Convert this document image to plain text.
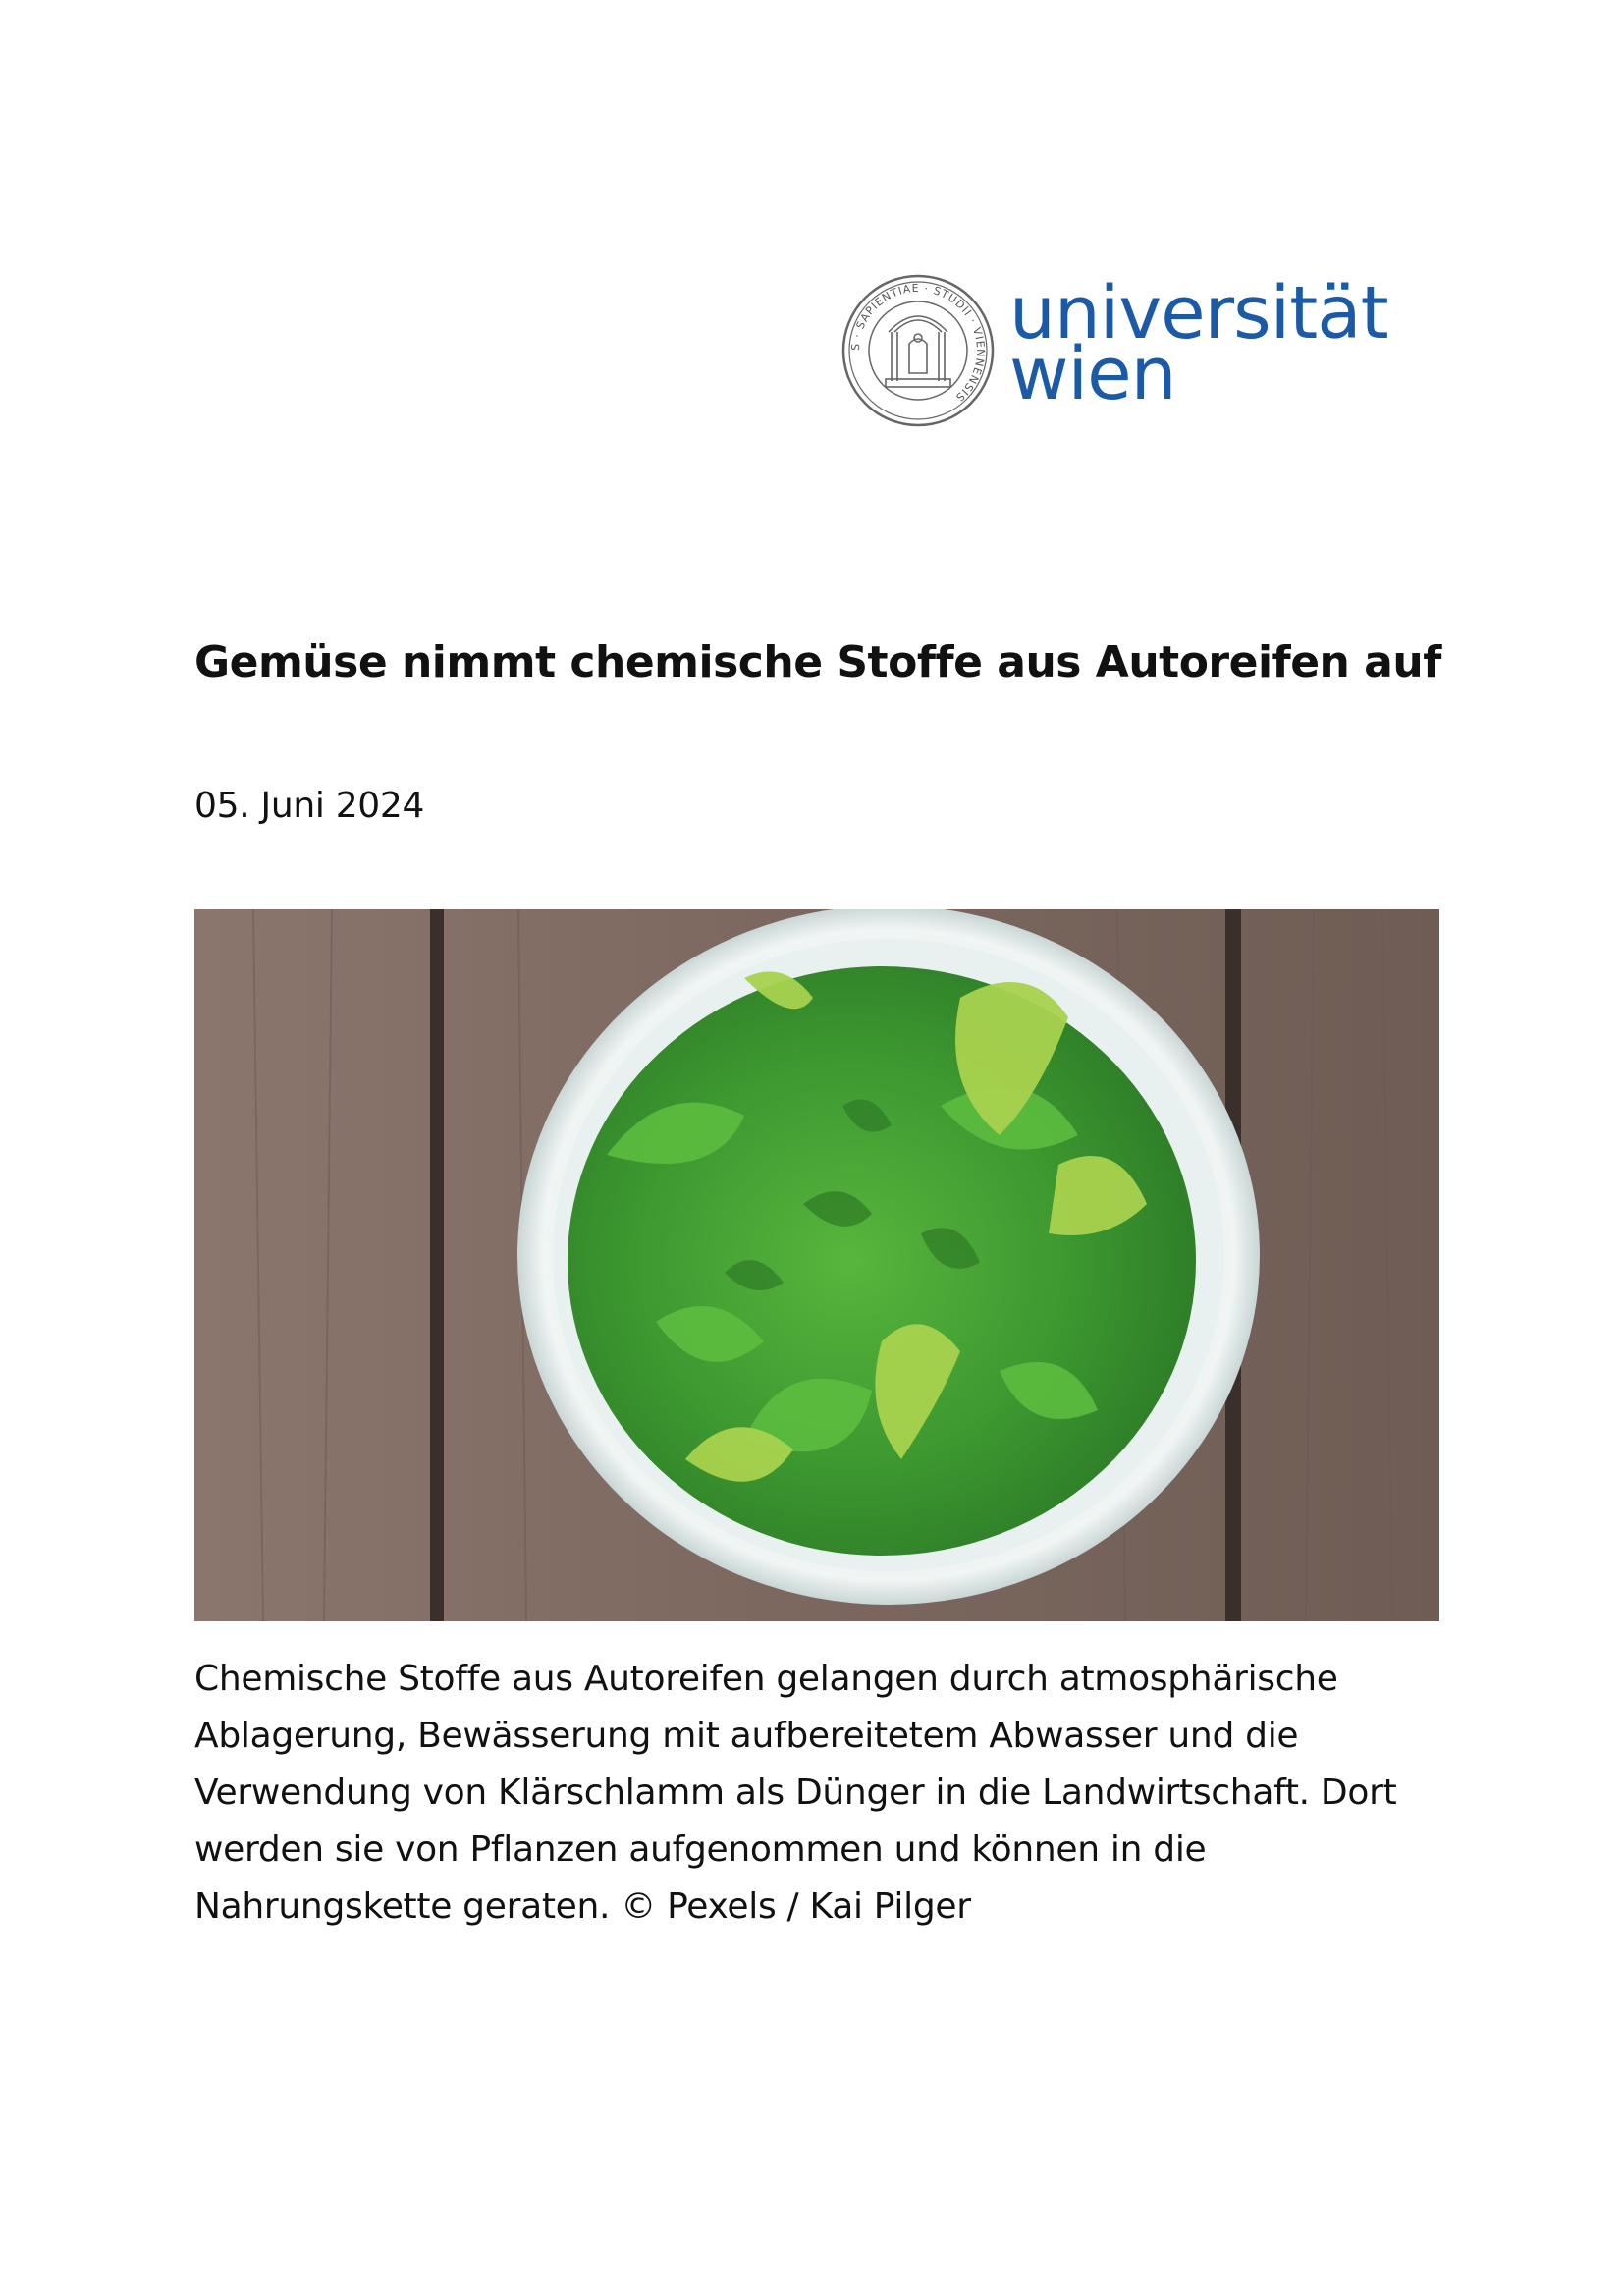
S · SAPIENTIAE · STUDII · VIENNENSIS
universität
wien
Gemüse nimmt chemische Stoffe aus Autoreifen auf
05. Juni 2024

Chemische Stoffe aus Autoreifen gelangen durch atmosphärische Ablagerung, Bewässerung mit aufbereitetem Abwasser und die Verwendung von Klärschlamm als Dünger in die Landwirtschaft. Dort werden sie von Pflanzen aufgenommen und können in die Nahrungskette geraten. © Pexels / Kai Pilger
